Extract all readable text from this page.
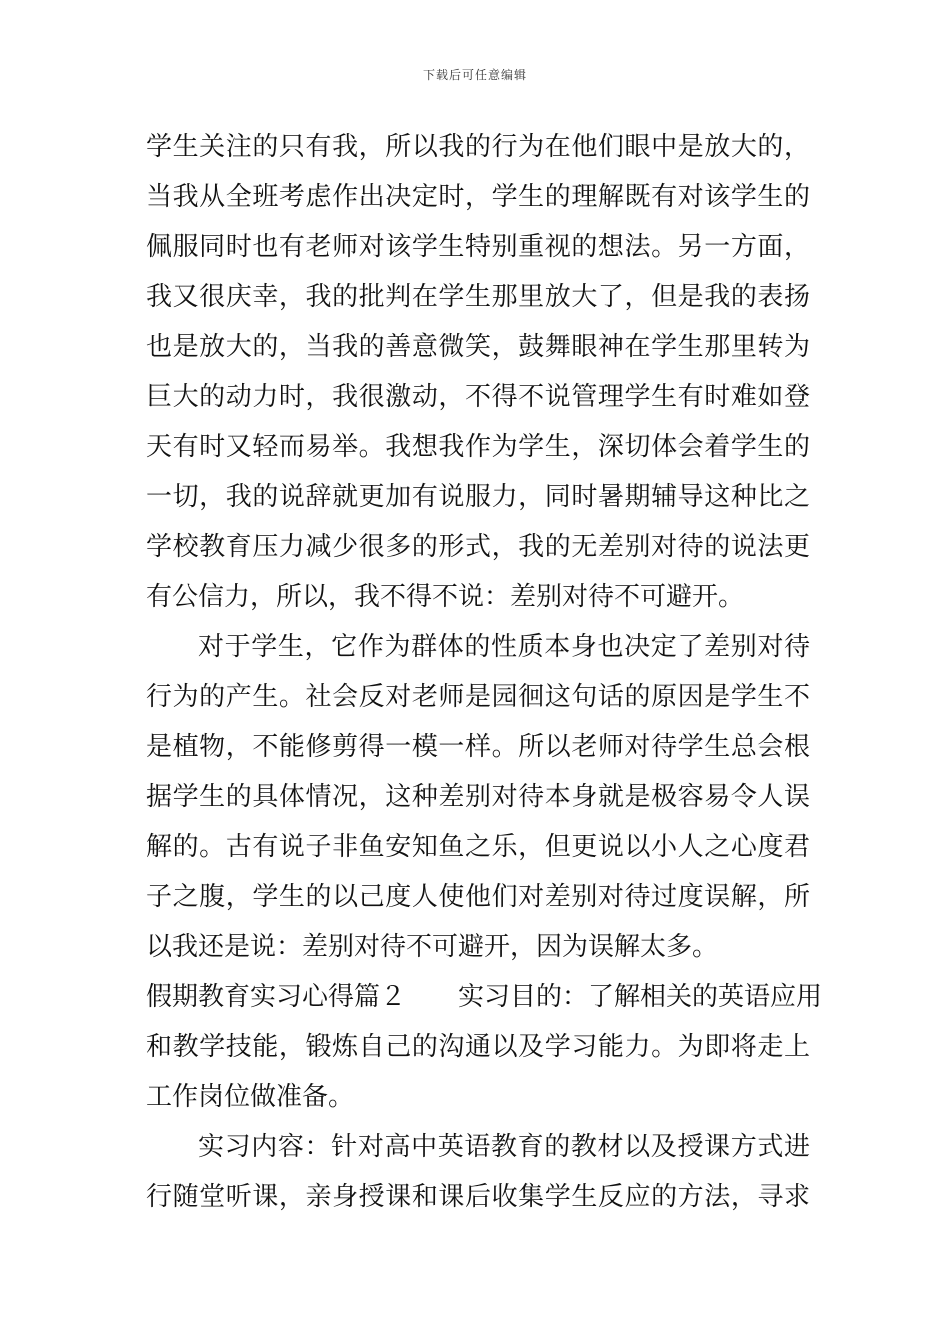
下载后可任意编辑
学生关注的只有我，所以我的行为在他们眼中是放大的，
当我从全班考虑作出决定时，学生的理解既有对该学生的
佩服同时也有老师对该学生特别重视的想法。另一方面，
我又很庆幸，我的批判在学生那里放大了，但是我的表扬
也是放大的，当我的善意微笑，鼓舞眼神在学生那里转为
巨大的动力时，我很激动，不得不说管理学生有时难如登
天有时又轻而易举。我想我作为学生，深切体会着学生的
一切，我的说辞就更加有说服力，同时暑期辅导这种比之
学校教育压力减少很多的形式，我的无差别对待的说法更
有公信力，所以，我不得不说：差别对待不可避开。
对于学生，它作为群体的性质本身也决定了差别对待
行为的产生。社会反对老师是园徊这句话的原因是学生不
是植物，不能修剪得一模一样。所以老师对待学生总会根
据学生的具体情况，这种差别对待本身就是极容易令人误
解的。古有说子非鱼安知鱼之乐，但更说以小人之心度君
子之腹，学生的以己度人使他们对差别对待过度误解，所
以我还是说：差别对待不可避开，因为误解太多。
假期教育实习心得篇２　　实习目的：了解相关的英语应用
和教学技能，锻炼自己的沟通以及学习能力。为即将走上
工作岗位做准备。
实习内容：针对高中英语教育的教材以及授课方式进
行随堂听课，亲身授课和课后收集学生反应的方法，寻求
